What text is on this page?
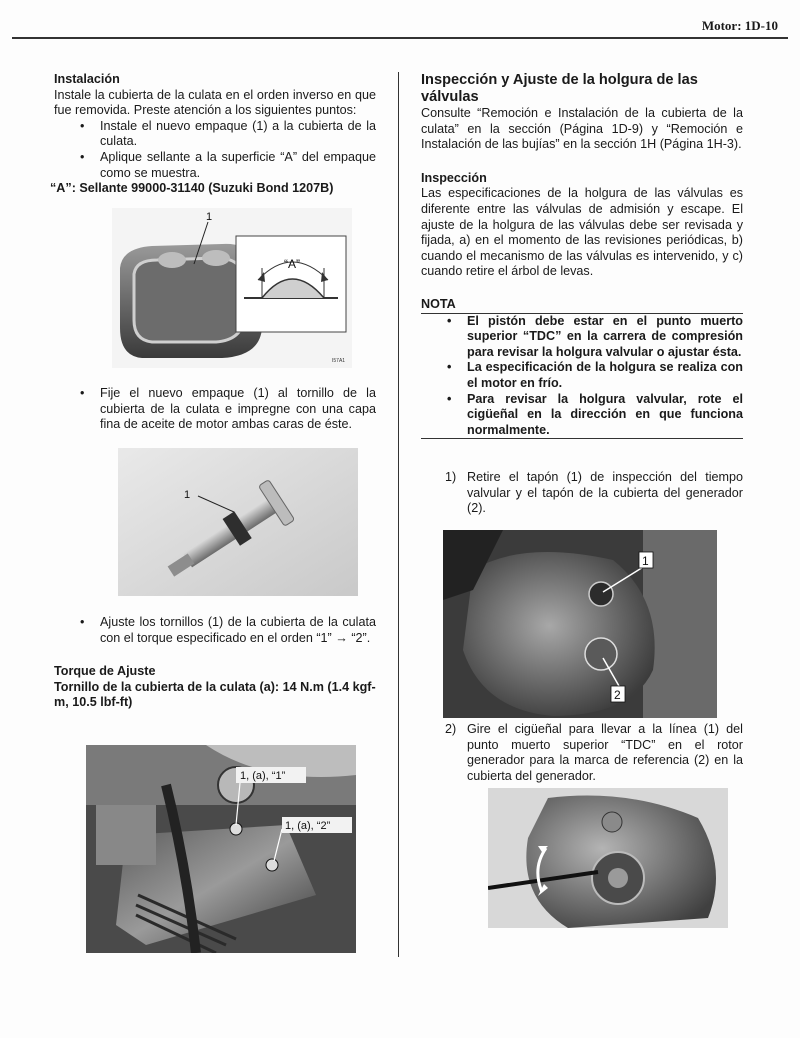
Motor: 1D-10
Instalación

Instale la cubierta de la culata en el orden inverso en que fue removida. Preste atención a los siguientes puntos:

• Instale el nuevo empaque (1) a la cubierta de la culata.
• Aplique sellante a la superficie “A” del empaque como se muestra.
“A”: Sellante 99000-31140 (Suzuki Bond 1207B)
“A”
1
I57A1
• Fije el nuevo empaque (1) al tornillo de la cubierta de la culata e impregne con una capa fina de aceite de motor ambas caras de éste.
1
• Ajuste los tornillos (1) de la cubierta de la culata con el torque especificado en el orden “1” → “2”.
Torque de Ajuste
Tornillo de la cubierta de la culata (a): 14 N.m (1.4 kgf-m, 10.5 lbf-ft)
1, (a), “1”
1, (a), “2”
Inspección y Ajuste de la holgura de las válvulas

Consulte “Remoción e Instalación de la cubierta de la culata” en la sección (Página 1D-9) y “Remoción e Instalación de las bujías” en la sección 1H (Página 1H-3).

Inspección

Las especificaciones de la holgura de las válvulas es diferente entre las válvulas de admisión y escape. El ajuste de la holgura de las válvulas debe ser revisada y fijada, a) en el momento de las revisiones periódicas, b) cuando el mecanismo de las válvulas es intervenido, y c) cuando retire el árbol de levas.

NOTA
• El pistón debe estar en el punto muerto superior “TDC” en la carrera de compresión para revisar la holgura valvular o ajustar ésta.
• La especificación de la holgura se realiza con el motor en frío.
• Para revisar la holgura valvular, rote el cigüeñal en la dirección en que funciona normalmente.
1) Retire el tapón (1) de inspección del tiempo valvular y el tapón de la cubierta del generador (2).
1
2
2) Gire el cigüeñal para llevar a la línea (1) del punto muerto superior “TDC” en el rotor generador para la marca de referencia (2) en la cubierta del generador.
